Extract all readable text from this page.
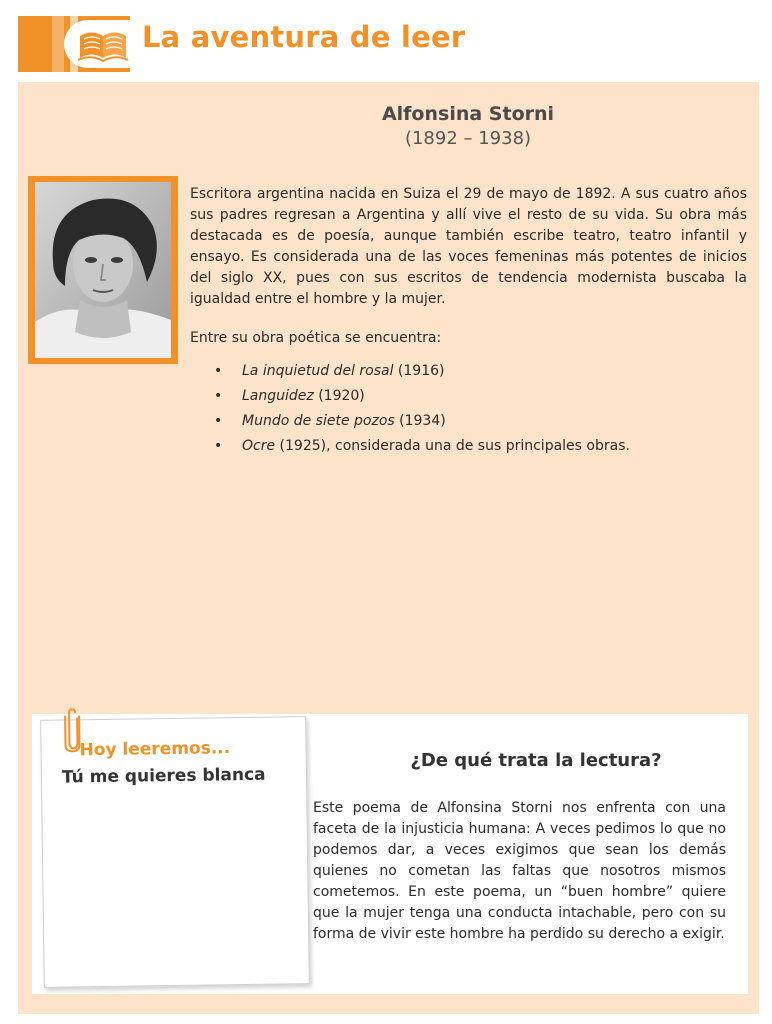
La aventura de leer
Alfonsina Storni
(1892 – 1938)

Escritora argentina nacida en Suiza el 29 de mayo de 1892. A sus cuatro años sus padres regresan a Argentina y allí vive el resto de su vida. Su obra más destacada es de poesía, aunque también escribe teatro, teatro infantil y ensayo. Es considerada una de las voces femeninas más potentes de inicios del siglo XX, pues con sus escritos de tendencia modernista buscaba la igualdad entre el hombre y la mujer.

Entre su obra poética se encuentra:

• La inquietud del rosal (1916)
• Languidez (1920)
• Mundo de siete pozos (1934)
• Ocre (1925), considerada una de sus principales obras.
Hoy leeremos...
Tú me quieres blanca
¿De qué trata la lectura?

Este poema de Alfonsina Storni nos enfrenta con una faceta de la injusticia humana: A veces pedimos lo que no podemos dar, a veces exigimos que sean los demás quienes no cometan las faltas que nosotros mismos cometemos. En este poema, un “buen hombre” quiere que la mujer tenga una conducta intachable, pero con su forma de vivir este hombre ha perdido su derecho a exigir.
